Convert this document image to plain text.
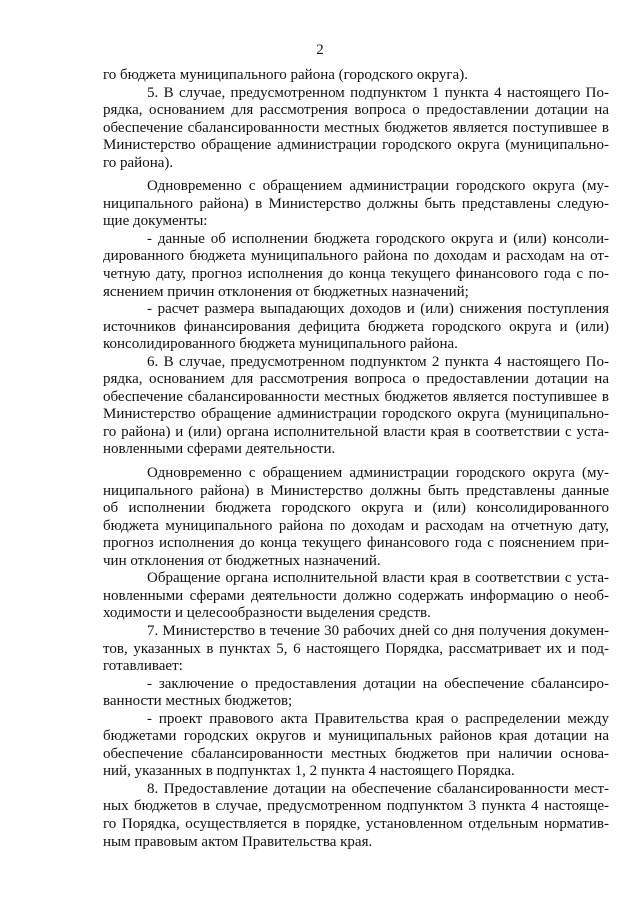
2

го бюджета муниципального района (городского округа).

5. В случае, предусмотренном подпунктом 1 пункта 4 настоящего По-
рядка, основанием для рассмотрения вопроса о предоставлении дотации на
обеспечение сбалансированности местных бюджетов является поступившее в
Министерство обращение администрации городского округа (муниципально-
го района).

Одновременно с обращением администрации городского округа (му-
ниципального района) в Министерство должны быть представлены следую-
щие документы:

- данные об исполнении бюджета городского округа и (или) консоли-
дированного бюджета муниципального района по доходам и расходам на от-
четную дату, прогноз исполнения до конца текущего финансового года с по-
яснением причин отклонения от бюджетных назначений;

- расчет размера выпадающих доходов и (или) снижения поступления
источников финансирования дефицита бюджета городского округа и (или)
консолидированного бюджета муниципального района.

6. В случае, предусмотренном подпунктом 2 пункта 4 настоящего По-
рядка, основанием для рассмотрения вопроса о предоставлении дотации на
обеспечение сбалансированности местных бюджетов является поступившее в
Министерство обращение администрации городского округа (муниципально-
го района) и (или) органа исполнительной власти края в соответствии с уста-
новленными сферами деятельности.

Одновременно с обращением администрации городского округа (му-
ниципального района) в Министерство должны быть представлены данные
об исполнении бюджета городского округа и (или) консолидированного
бюджета муниципального района по доходам и расходам на отчетную дату,
прогноз исполнения до конца текущего финансового года с пояснением при-
чин отклонения от бюджетных назначений.

Обращение органа исполнительной власти края в соответствии с уста-
новленными сферами деятельности должно содержать информацию о необ-
ходимости и целесообразности выделения средств.

7. Министерство в течение 30 рабочих дней со дня получения докумен-
тов, указанных в пунктах 5, 6 настоящего Порядка, рассматривает их и под-
готавливает:

- заключение о предоставления дотации на обеспечение сбалансиро-
ванности местных бюджетов;

- проект правового акта Правительства края о распределении между
бюджетами городских округов и муниципальных районов края дотации на
обеспечение сбалансированности местных бюджетов при наличии основа-
ний, указанных в подпунктах 1, 2 пункта 4 настоящего Порядка.

8. Предоставление дотации на обеспечение сбалансированности мест-
ных бюджетов в случае, предусмотренном подпунктом 3 пункта 4 настояще-
го Порядка, осуществляется в порядке, установленном отдельным норматив-
ным правовым актом Правительства края.
